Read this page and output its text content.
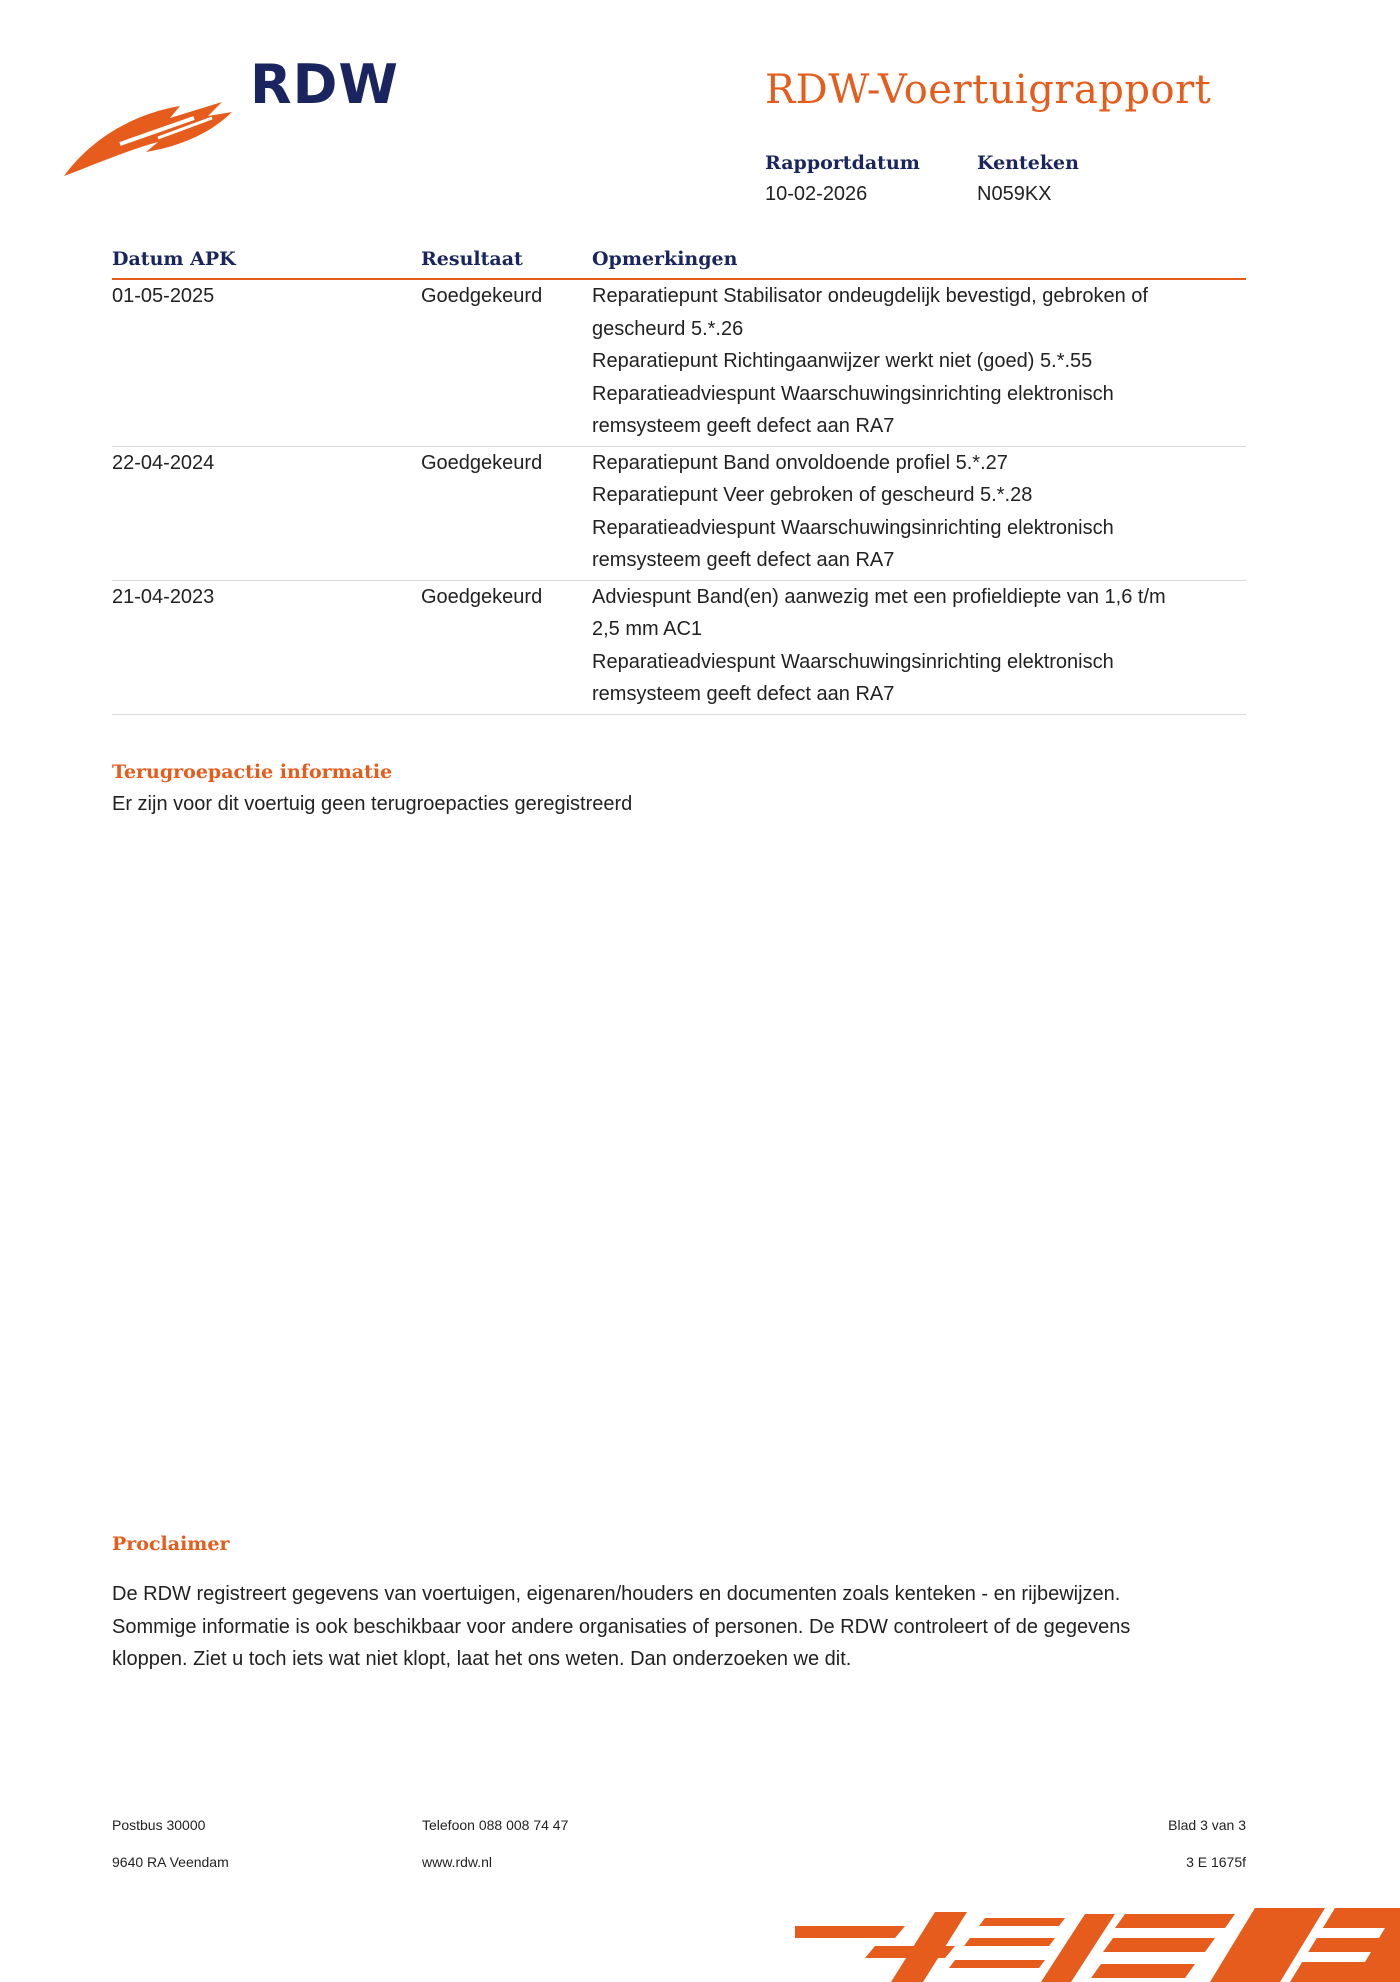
RDW	RDW-Voertuigrapport
Rapportdatum
10-02-2026
Kenteken
N059KX
Datum APK	Resultaat	Opmerkingen
01-05-2025	Goedgekeurd Reparatiepunt Stabilisator ondeugdelijk bevestigd, gebroken of
gescheurd 5.*.26
Reparatiepunt Richtingaanwijzer werkt niet (goed) 5.*.55
Reparatieadviespunt Waarschuwingsinrichting elektronisch
remsysteem geeft defect aan RA7
22-04-2024	Goedgekeurd Reparatiepunt Band onvoldoende profiel 5.*.27
Reparatiepunt Veer gebroken of gescheurd 5.*.28
Reparatieadviespunt Waarschuwingsinrichting elektronisch
remsysteem geeft defect aan RA7
21-04-2023	Goedgekeurd Adviespunt Band(en) aanwezig met een profieldiepte van 1,6 t/m
2,5 mm AC1
Reparatieadviespunt Waarschuwingsinrichting elektronisch
remsysteem geeft defect aan RA7
Terugroepactie informatie
Er zijn voor dit voertuig geen terugroepacties geregistreerd
Proclaimer
De RDW registreert gegevens van voertuigen, eigenaren/houders en documenten zoals kenteken - en rijbewijzen.
Sommige informatie is ook beschikbaar voor andere organisaties of personen. De RDW controleert of de gegevens
kloppen. Ziet u toch iets wat niet klopt, laat het ons weten. Dan onderzoeken we dit.
Postbus 30000
9640 RA Veendam
Telefoon 088 008 74 47
www.rdw.nl
Blad 3 van 3
3 E 1675f
